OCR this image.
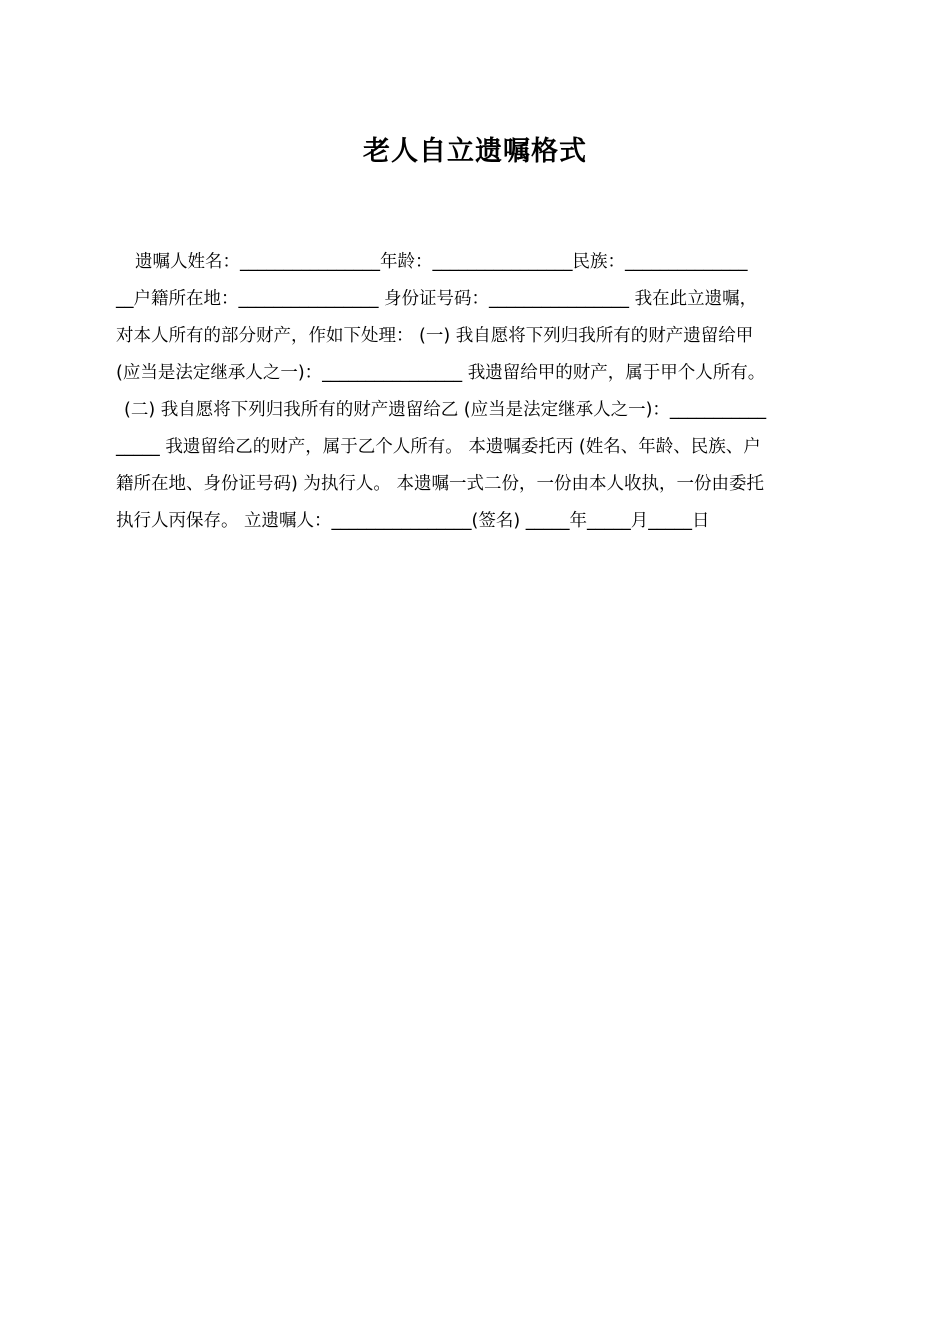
老人自立遗嘱格式
遗嘱人姓名：________________年龄：________________民族：______________
__户籍所在地：________________ 身份证号码：________________ 我在此立遗嘱，
对本人所有的部分财产，作如下处理： (一) 我自愿将下列归我所有的财产遗留给甲
(应当是法定继承人之一)：________________ 我遗留给甲的财产，属于甲个人所有。
(二) 我自愿将下列归我所有的财产遗留给乙 (应当是法定继承人之一)：___________
_____ 我遗留给乙的财产，属于乙个人所有。 本遗嘱委托丙 (姓名、年龄、民族、户
籍所在地、身份证号码) 为执行人。 本遗嘱一式二份，一份由本人收执，一份由委托
执行人丙保存。 立遗嘱人：________________(签名) _____年_____月_____日
